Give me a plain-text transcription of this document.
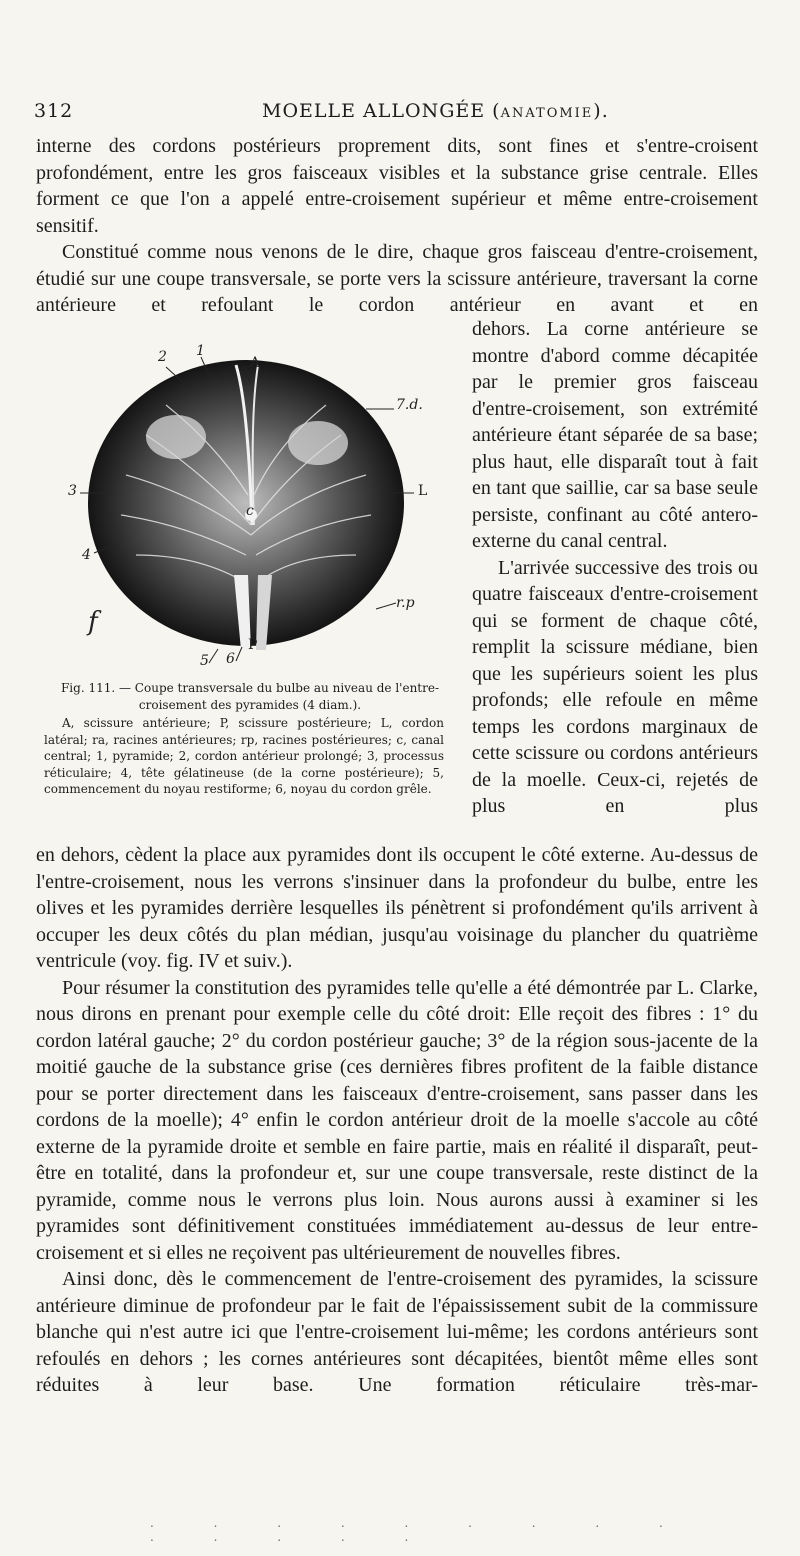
312	MOELLE ALLONGÉE (ANATOMIE).

interne des cordons postérieurs proprement dits, sont fines et s'entre-croisent profondément, entre les gros faisceaux visibles et la substance grise centrale. Elles forment ce que l'on a appelé entre-croisement supérieur et même entre-croisement sensitif.

Constitué comme nous venons de le dire, chaque gros faisceau d'entre-croisement, étudié sur une coupe transversale, se porte vers la scissure antérieure, traversant la corne antérieure et refoulant le cordon antérieur en avant et en

2 1
A
7.d.
3	L
c
4
f
r.p
P
5 6

Fig. 111. — Coupe transversale du bulbe au niveau de l'entre-croisement des pyramides (4 diam.).

A, scissure antérieure; P, scissure postérieure; L, cordon latéral; ra, racines antérieures; rp, racines postérieures; c, canal central; 1, pyramide; 2, cordon antérieur prolongé; 3, processus réticulaire; 4, tête gélatineuse (de la corne postérieure); 5, commencement du noyau restiforme; 6, noyau du cordon grêle.

dehors. La corne antérieure se montre d'abord comme décapitée par le premier gros faisceau d'entre-croisement, son extrémité antérieure étant séparée de sa base; plus haut, elle disparaît tout à fait en tant que saillie, car sa base seule persiste, confinant au côté antero-externe du canal central.

L'arrivée successive des trois ou quatre faisceaux d'entre-croisement qui se forment de chaque côté, remplit la scissure médiane, bien que les supérieurs soient les plus profonds; elle refoule en même temps les cordons marginaux de cette scissure ou cordons antérieurs de la moelle. Ceux-ci, rejetés de plus en plus

en dehors, cèdent la place aux pyramides dont ils occupent le côté externe. Au-dessus de l'entre-croisement, nous les verrons s'insinuer dans la profondeur du bulbe, entre les olives et les pyramides derrière lesquelles ils pénètrent si profondément qu'ils arrivent à occuper les deux côtés du plan médian, jusqu'au voisinage du plancher du quatrième ventricule (voy. fig. IV et suiv.).

Pour résumer la constitution des pyramides telle qu'elle a été démontrée par L. Clarke, nous dirons en prenant pour exemple celle du côté droit: Elle reçoit des fibres : 1° du cordon latéral gauche; 2° du cordon postérieur gauche; 3° de la région sous-jacente de la moitié gauche de la substance grise (ces dernières fibres profitent de la faible distance pour se porter directement dans les faisceaux d'entre-croisement, sans passer dans les cordons de la moelle); 4° enfin le cordon antérieur droit de la moelle s'accole au côté externe de la pyramide droite et semble en faire partie, mais en réalité il disparaît, peut-être en totalité, dans la profondeur et, sur une coupe transversale, reste distinct de la pyramide, comme nous le verrons plus loin. Nous aurons aussi à examiner si les pyramides sont définitivement constituées immédiatement au-dessus de leur entre-croisement et si elles ne reçoivent pas ultérieurement de nouvelles fibres.

Ainsi donc, dès le commencement de l'entre-croisement des pyramides, la scissure antérieure diminue de profondeur par le fait de l'épaississement subit de la commissure blanche qui n'est autre ici que l'entre-croisement lui-même; les cordons antérieurs sont refoulés en dehors ; les cornes antérieures sont décapitées, bientôt même elles sont réduites à leur base. Une formation réticulaire très-mar-

. . . . . . . . . . . . . .
